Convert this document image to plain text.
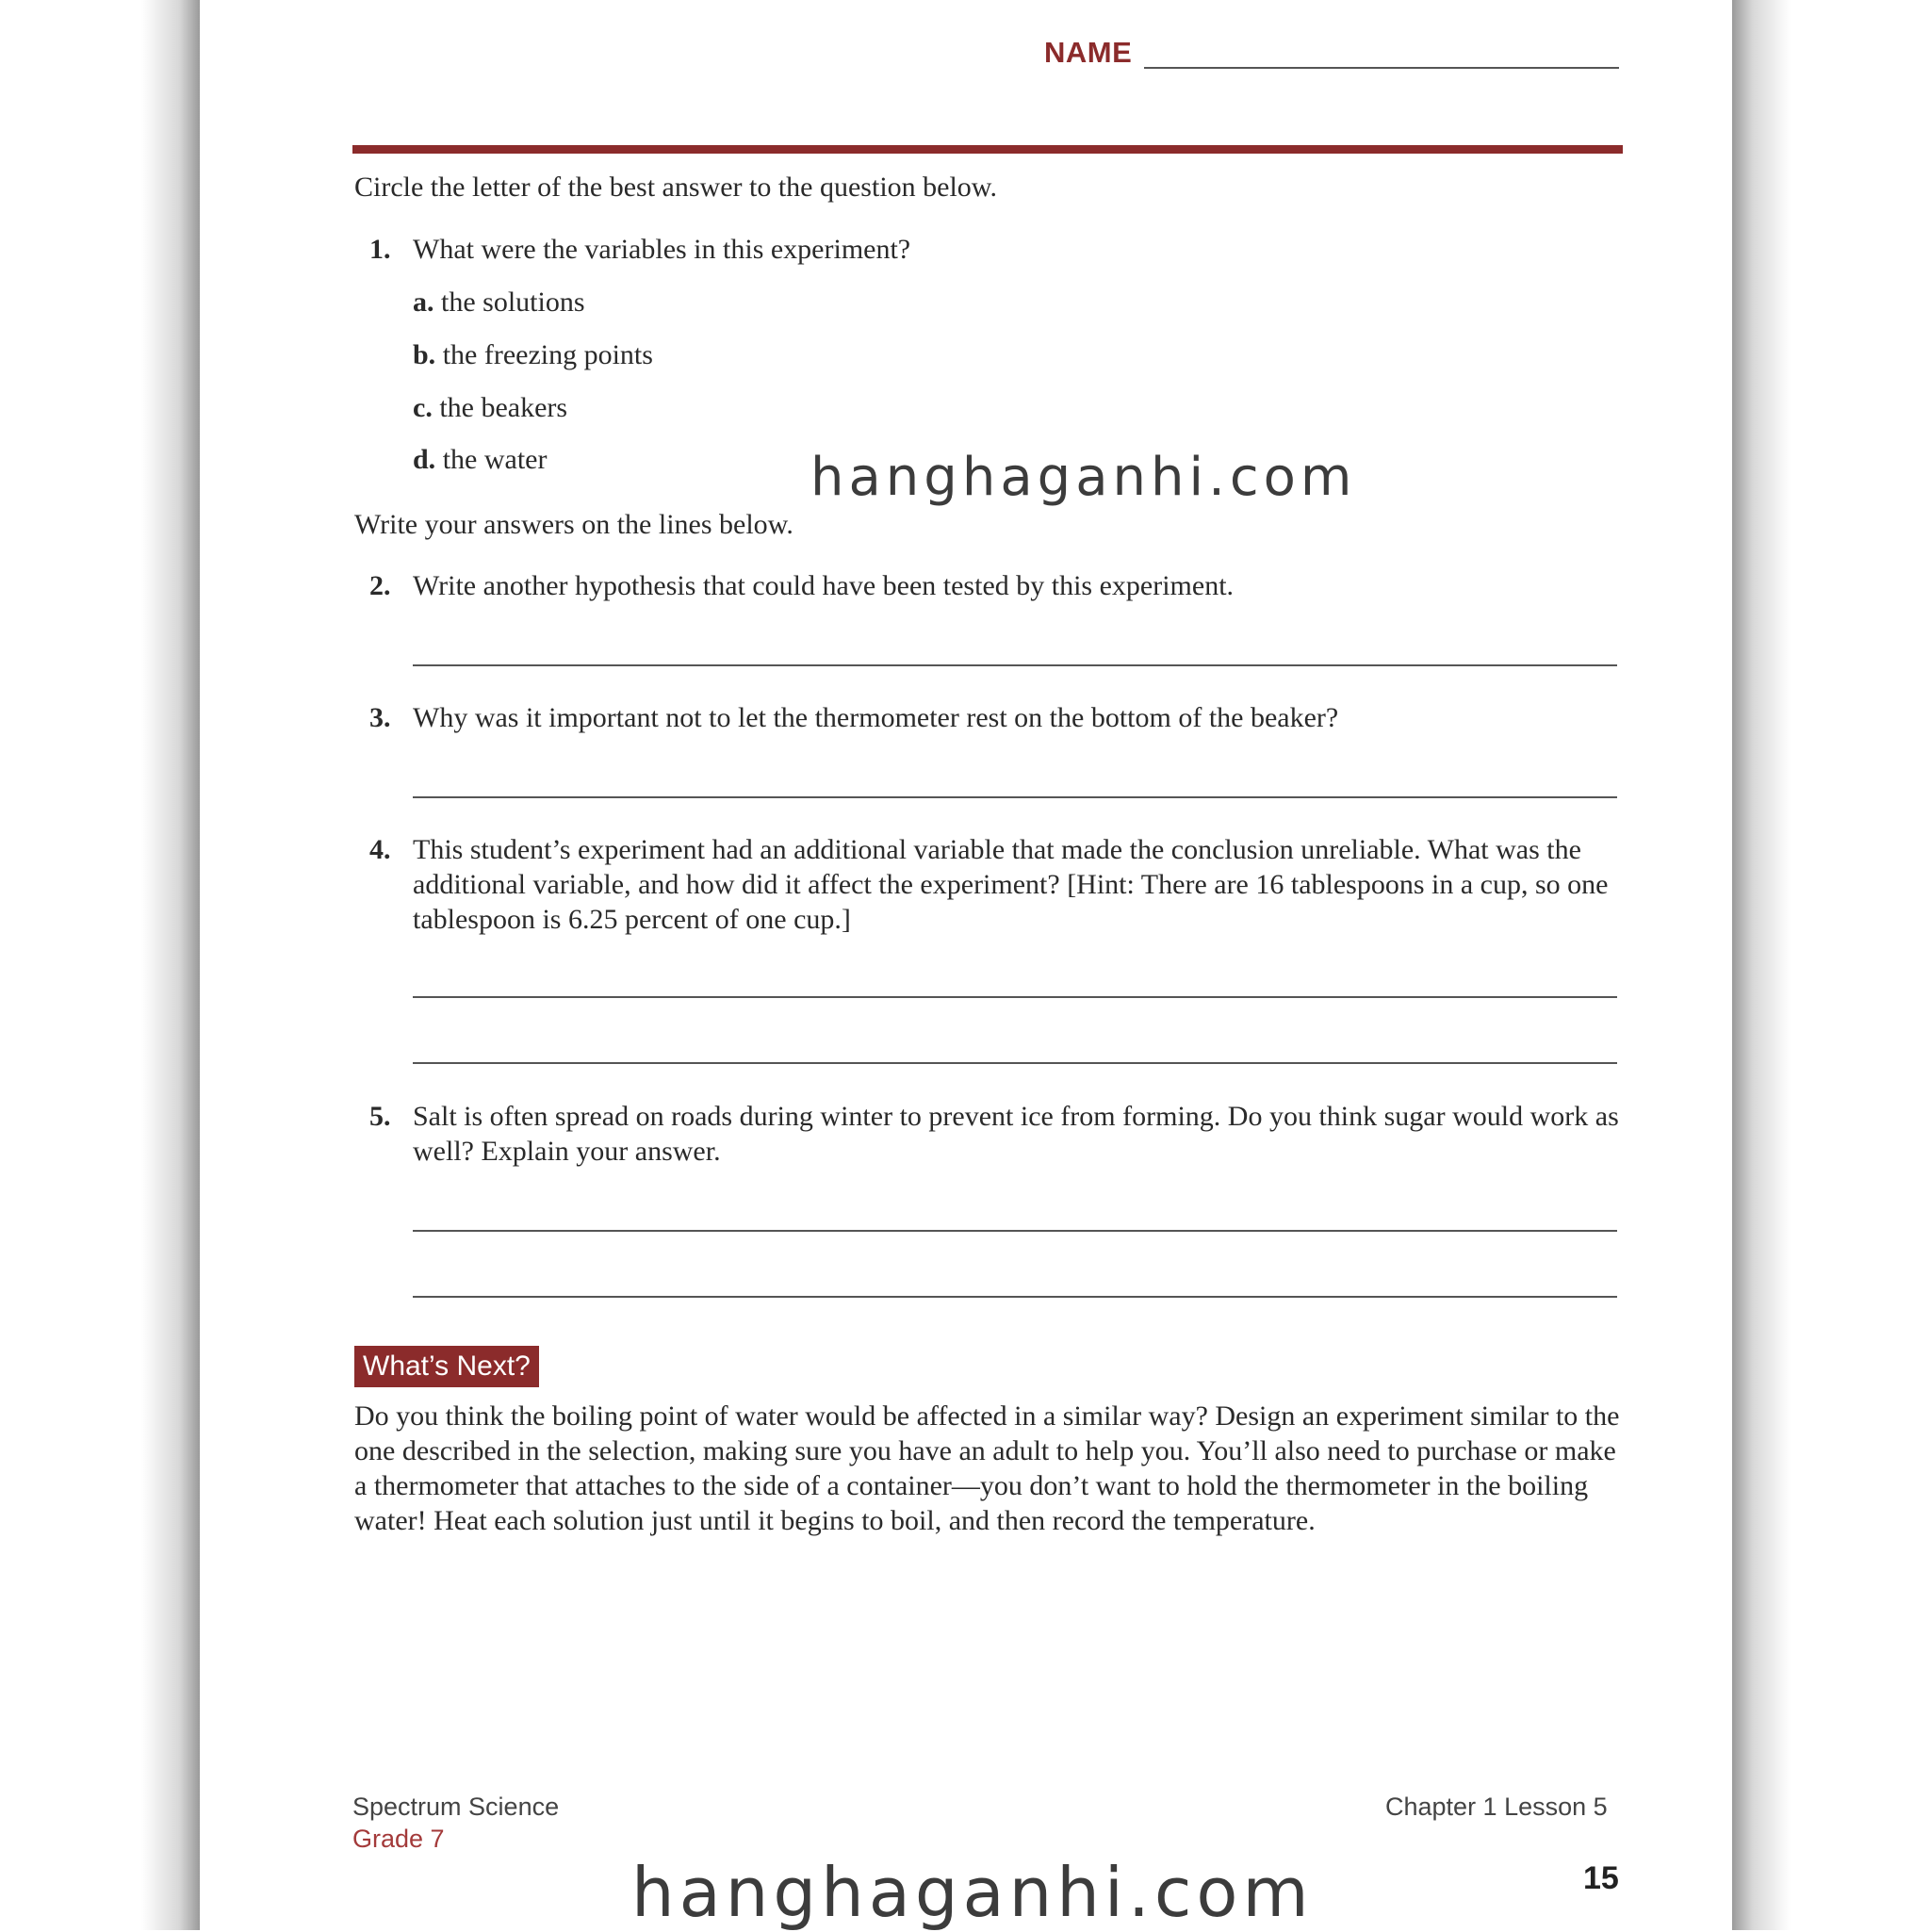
NAME
Circle the letter of the best answer to the question below.
1. What were the variables in this experiment?
a. the solutions
b. the freezing points
c. the beakers
d. the water
Write your answers on the lines below.
2. Write another hypothesis that could have been tested by this experiment.
3. Why was it important not to let the thermometer rest on the bottom of the beaker?
4. This student’s experiment had an additional variable that made the conclusion unreliable. What was the additional variable, and how did it affect the experiment? [Hint: There are 16 tablespoons in a cup, so one tablespoon is 6.25 percent of one cup.]
5. Salt is often spread on roads during winter to prevent ice from forming. Do you think sugar would work as well? Explain your answer.
What’s Next?
Do you think the boiling point of water would be affected in a similar way? Design an experiment similar to the one described in the selection, making sure you have an adult to help you. You’ll also need to purchase or make a thermometer that attaches to the side of a container—you don’t want to hold the thermometer in the boiling water! Heat each solution just until it begins to boil, and then record the temperature.
Spectrum Science
Grade 7
Chapter 1 Lesson 5
15
hanghaganhi.com
hanghaganhi.com
